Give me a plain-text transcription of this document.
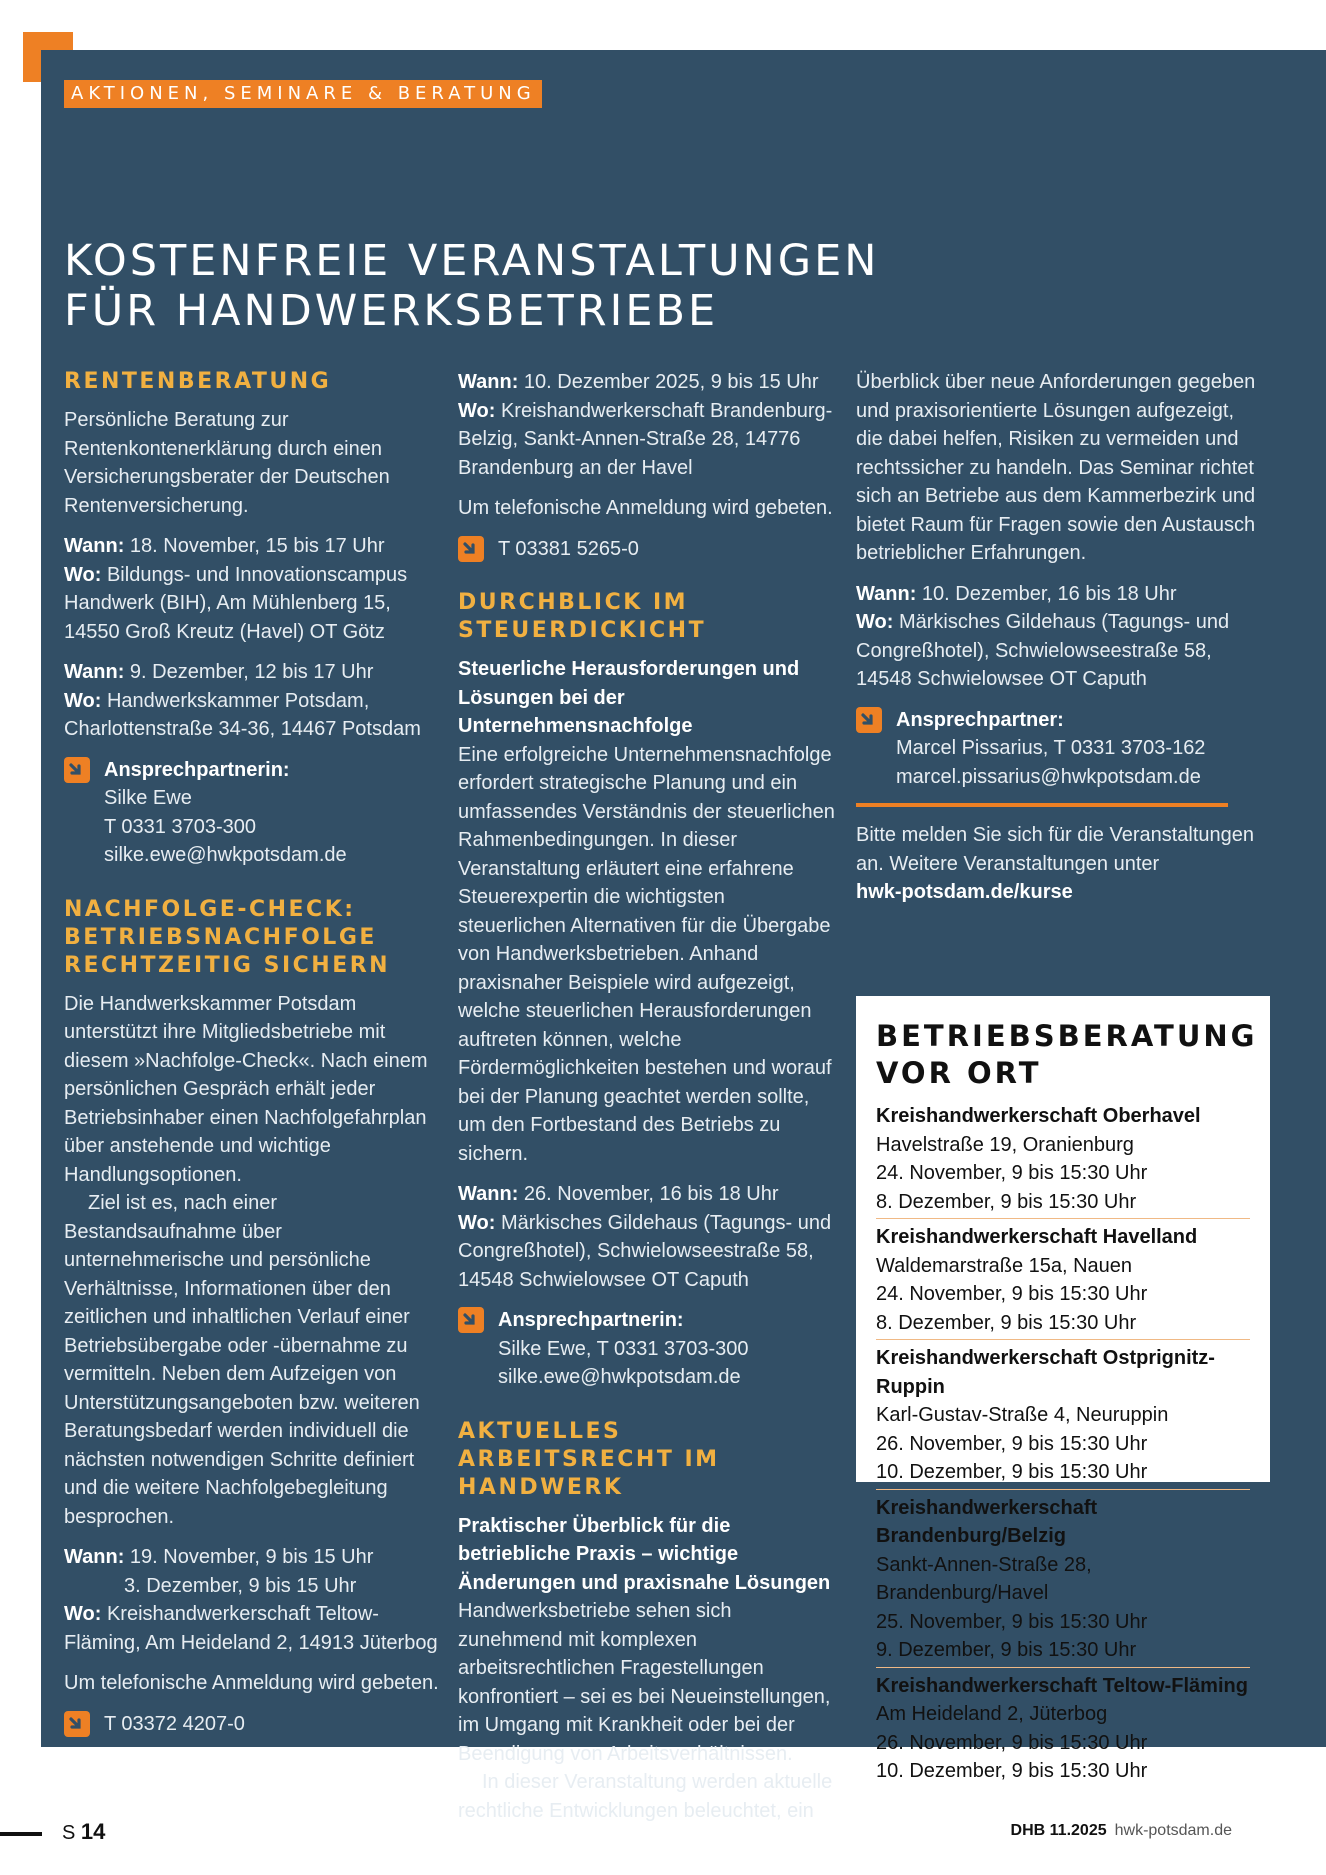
AKTIONEN, SEMINARE & BERATUNG
KOSTENFREIE VERANSTALTUNGEN
FÜR HANDWERKSBETRIEBE
RENTENBERATUNG

Persönliche Beratung zur Rentenkontenerklärung durch einen Versicherungsberater der Deutschen Rentenversicherung.

Wann: 18. November, 15 bis 17 Uhr
Wo: Bildungs- und Innovationscampus Handwerk (BIH), Am Mühlenberg 15, 14550 Groß Kreutz (Havel) OT Götz

Wann: 9. Dezember, 12 bis 17 Uhr
Wo: Handwerkskammer Potsdam, Charlottenstraße 34-36, 14467 Potsdam

Ansprechpartnerin:
Silke Ewe
T 0331 3703-300
silke.ewe@hwkpotsdam.de
NACHFOLGE-CHECK: BETRIEBSNACHFOLGE RECHTZEITIG SICHERN

Die Handwerkskammer Potsdam unterstützt ihre Mitgliedsbetriebe mit diesem »Nachfolge-Check«. Nach einem persönlichen Gespräch erhält jeder Betriebsinhaber einen Nachfolgefahrplan über anstehende und wichtige Handlungsoptionen.

Ziel ist es, nach einer Bestandsaufnahme über unternehmerische und persönliche Verhältnisse, Informationen über den zeitlichen und inhaltlichen Verlauf einer Betriebsübergabe oder -übernahme zu vermitteln. Neben dem Aufzeigen von Unterstützungsangeboten bzw. weiteren Beratungsbedarf werden individuell die nächsten notwendigen Schritte definiert und die weitere Nachfolgebegleitung besprochen.

Wann: 19. November, 9 bis 15 Uhr
3. Dezember, 9 bis 15 Uhr
Wo: Kreishandwerkerschaft Teltow-Fläming, Am Heideland 2, 14913 Jüterbog

Um telefonische Anmeldung wird gebeten.

T 03372 4207-0

Wann: 10. Dezember 2025, 9 bis 15 Uhr
Wo: Kreishandwerkerschaft Brandenburg-Belzig, Sankt-Annen-Straße 28, 14776 Brandenburg an der Havel

Um telefonische Anmeldung wird gebeten.

T 03381 5265-0
DURCHBLICK IM STEUERDICKICHT

Steuerliche Herausforderungen und Lösungen bei der Unternehmensnachfolge

Eine erfolgreiche Unternehmensnachfolge erfordert strategische Planung und ein umfassendes Verständnis der steuerlichen Rahmenbedingungen. In dieser Veranstaltung erläutert eine erfahrene Steuerexpertin die wichtigsten steuerlichen Alternativen für die Übergabe von Handwerksbetrieben. Anhand praxisnaher Beispiele wird aufgezeigt, welche steuerlichen Herausforderungen auftreten können, welche Fördermöglichkeiten bestehen und worauf bei der Planung geachtet werden sollte, um den Fortbestand des Betriebs zu sichern.

Wann: 26. November, 16 bis 18 Uhr
Wo: Märkisches Gildehaus (Tagungs- und Congreßhotel), Schwielowseestraße 58, 14548 Schwielowsee OT Caputh

Ansprechpartnerin:
Silke Ewe, T 0331 3703-300
silke.ewe@hwkpotsdam.de
AKTUELLES ARBEITSRECHT IM HANDWERK

Praktischer Überblick für die betriebliche Praxis – wichtige Änderungen und praxisnahe Lösungen

Handwerksbetriebe sehen sich zunehmend mit komplexen arbeitsrechtlichen Fragestellungen konfrontiert – sei es bei Neueinstellungen, im Umgang mit Krankheit oder bei der Beendigung von Arbeitsverhältnissen.

In dieser Veranstaltung werden aktuelle rechtliche Entwicklungen beleuchtet, ein

Überblick über neue Anforderungen gegeben und praxisorientierte Lösungen aufgezeigt, die dabei helfen, Risiken zu vermeiden und rechtssicher zu handeln. Das Seminar richtet sich an Betriebe aus dem Kammerbezirk und bietet Raum für Fragen sowie den Austausch betrieblicher Erfahrungen.

Wann: 10. Dezember, 16 bis 18 Uhr
Wo: Märkisches Gildehaus (Tagungs- und Congreßhotel), Schwielowseestraße 58, 14548 Schwielowsee OT Caputh

Ansprechpartner:
Marcel Pissarius, T 0331 3703-162
marcel.pissarius@hwkpotsdam.de

Bitte melden Sie sich für die Veranstaltungen an. Weitere Veranstaltungen unter
hwk-potsdam.de/kurse

BETRIEBSBERATUNG
VOR ORT
Kreishandwerkerschaft Oberhavel
Havelstraße 19, Oranienburg
24. November, 9 bis 15:30 Uhr
8. Dezember, 9 bis 15:30 Uhr
Kreishandwerkerschaft Havelland
Waldemarstraße 15a, Nauen
24. November, 9 bis 15:30 Uhr
8. Dezember, 9 bis 15:30 Uhr
Kreishandwerkerschaft Ostprignitz-Ruppin
Karl-Gustav-Straße 4, Neuruppin
26. November, 9 bis 15:30 Uhr
10. Dezember, 9 bis 15:30 Uhr
Kreishandwerkerschaft Brandenburg/Belzig
Sankt-Annen-Straße 28, Brandenburg/Havel
25. November, 9 bis 15:30 Uhr
9. Dezember, 9 bis 15:30 Uhr
Kreishandwerkerschaft Teltow-Fläming
Am Heideland 2, Jüterbog
26. November, 9 bis 15:30 Uhr
10. Dezember, 9 bis 15:30 Uhr
S 14	DHB 11.2025 hwk-potsdam.de
